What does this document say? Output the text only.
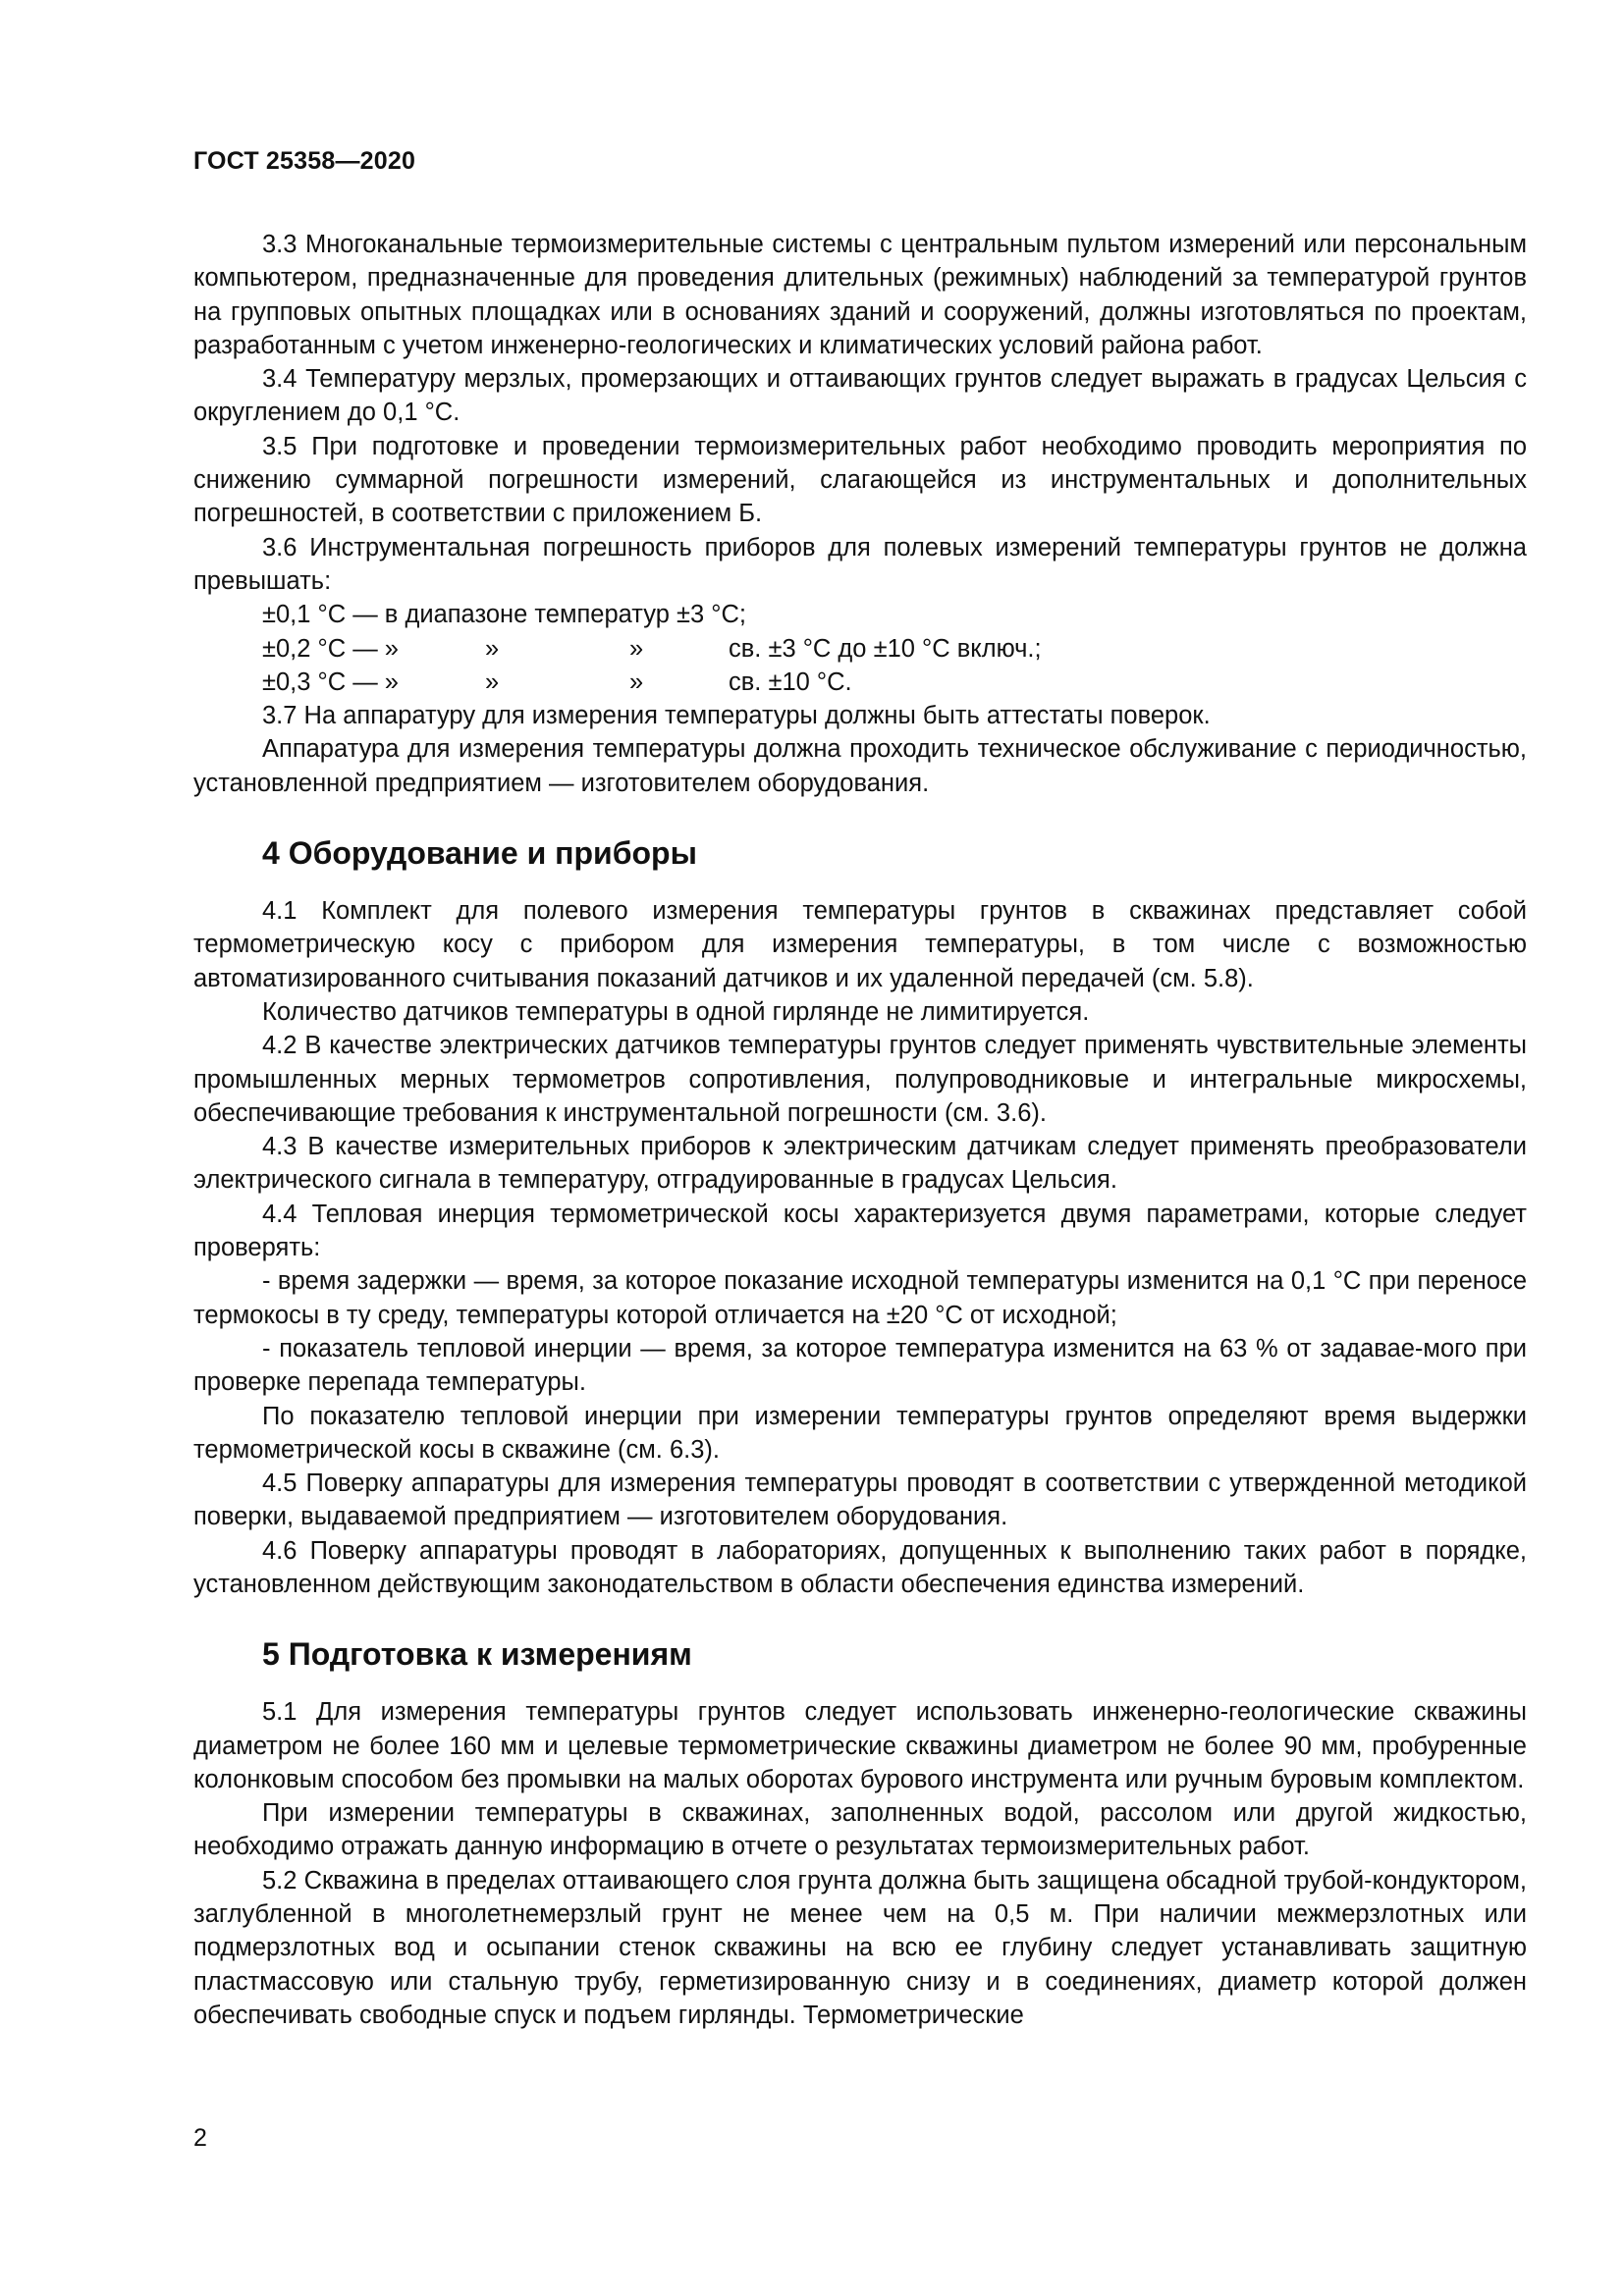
ГОСТ 25358—2020

3.3 Многоканальные термоизмерительные системы с центральным пультом измерений или персональным компьютером, предназначенные для проведения длительных (режимных) наблюдений за температурой грунтов на групповых опытных площадках или в основаниях зданий и сооружений, должны изготовляться по проектам, разработанным с учетом инженерно-геологических и климатических условий района работ.

3.4 Температуру мерзлых, промерзающих и оттаивающих грунтов следует выражать в градусах Цельсия с округлением до 0,1 °С.

3.5 При подготовке и проведении термоизмерительных работ необходимо проводить мероприятия по снижению суммарной погрешности измерений, слагающейся из инструментальных и дополнительных погрешностей, в соответствии с приложением Б.

3.6 Инструментальная погрешность приборов для полевых измерений температуры грунтов не должна превышать:

±0,1 °С — в диапазоне температур ±3 °С;
±0,2 °С — »	»	»	св. ±3 °С до ±10 °С включ.;
±0,3 °С — »	»	»	св. ±10 °С.

3.7 На аппаратуру для измерения температуры должны быть аттестаты поверок.

Аппаратура для измерения температуры должна проходить техническое обслуживание с периодичностью, установленной предприятием — изготовителем оборудования.

4 Оборудование и приборы

4.1 Комплект для полевого измерения температуры грунтов в скважинах представляет собой термометрическую косу с прибором для измерения температуры, в том числе с возможностью автоматизированного считывания показаний датчиков и их удаленной передачей (см. 5.8).

Количество датчиков температуры в одной гирлянде не лимитируется.

4.2 В качестве электрических датчиков температуры грунтов следует применять чувствительные элементы промышленных мерных термометров сопротивления, полупроводниковые и интегральные микросхемы, обеспечивающие требования к инструментальной погрешности (см. 3.6).

4.3 В качестве измерительных приборов к электрическим датчикам следует применять преобразователи электрического сигнала в температуру, отградуированные в градусах Цельсия.

4.4 Тепловая инерция термометрической косы характеризуется двумя параметрами, которые следует проверять:

- время задержки — время, за которое показание исходной температуры изменится на 0,1 °С при переносе термокосы в ту среду, температуры которой отличается на ±20 °С от исходной;

- показатель тепловой инерции — время, за которое температура изменится на 63 % от задавае-мого при проверке перепада температуры.

По показателю тепловой инерции при измерении температуры грунтов определяют время выдержки термометрической косы в скважине (см. 6.3).

4.5 Поверку аппаратуры для измерения температуры проводят в соответствии с утвержденной методикой поверки, выдаваемой предприятием — изготовителем оборудования.

4.6 Поверку аппаратуры проводят в лабораториях, допущенных к выполнению таких работ в порядке, установленном действующим законодательством в области обеспечения единства измерений.

5 Подготовка к измерениям

5.1 Для измерения температуры грунтов следует использовать инженерно-геологические скважины диаметром не более 160 мм и целевые термометрические скважины диаметром не более 90 мм, пробуренные колонковым способом без промывки на малых оборотах бурового инструмента или ручным буровым комплектом.

При измерении температуры в скважинах, заполненных водой, рассолом или другой жидкостью, необходимо отражать данную информацию в отчете о результатах термоизмерительных работ.

5.2 Скважина в пределах оттаивающего слоя грунта должна быть защищена обсадной трубой-кондуктором, заглубленной в многолетнемерзлый грунт не менее чем на 0,5 м. При наличии межмерзлотных или подмерзлотных вод и осыпании стенок скважины на всю ее глубину следует устанавливать защитную пластмассовую или стальную трубу, герметизированную снизу и в соединениях, диаметр которой должен обеспечивать свободные спуск и подъем гирлянды. Термометрические

2
